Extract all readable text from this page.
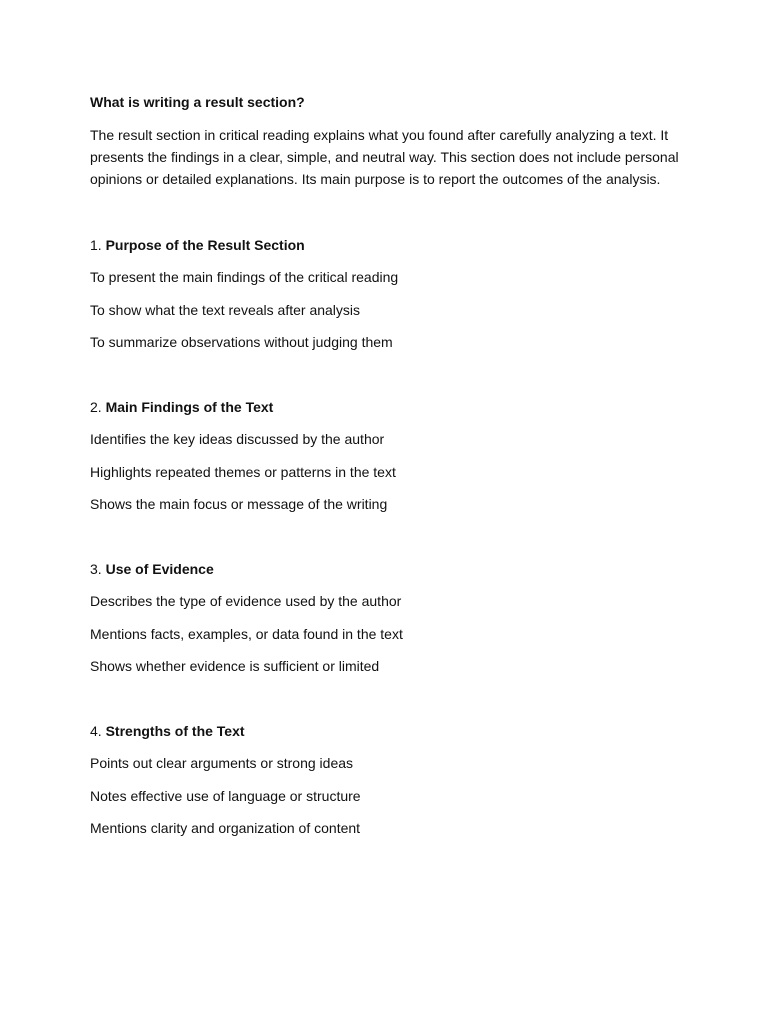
What is writing a result section?

The result section in critical reading explains what you found after carefully analyzing a text. It presents the findings in a clear, simple, and neutral way. This section does not include personal opinions or detailed explanations. Its main purpose is to report the outcomes of the analysis.

1. Purpose of the Result Section

To present the main findings of the critical reading

To show what the text reveals after analysis

To summarize observations without judging them

2. Main Findings of the Text

Identifies the key ideas discussed by the author

Highlights repeated themes or patterns in the text

Shows the main focus or message of the writing

3. Use of Evidence

Describes the type of evidence used by the author

Mentions facts, examples, or data found in the text

Shows whether evidence is sufficient or limited

4. Strengths of the Text

Points out clear arguments or strong ideas

Notes effective use of language or structure

Mentions clarity and organization of content
